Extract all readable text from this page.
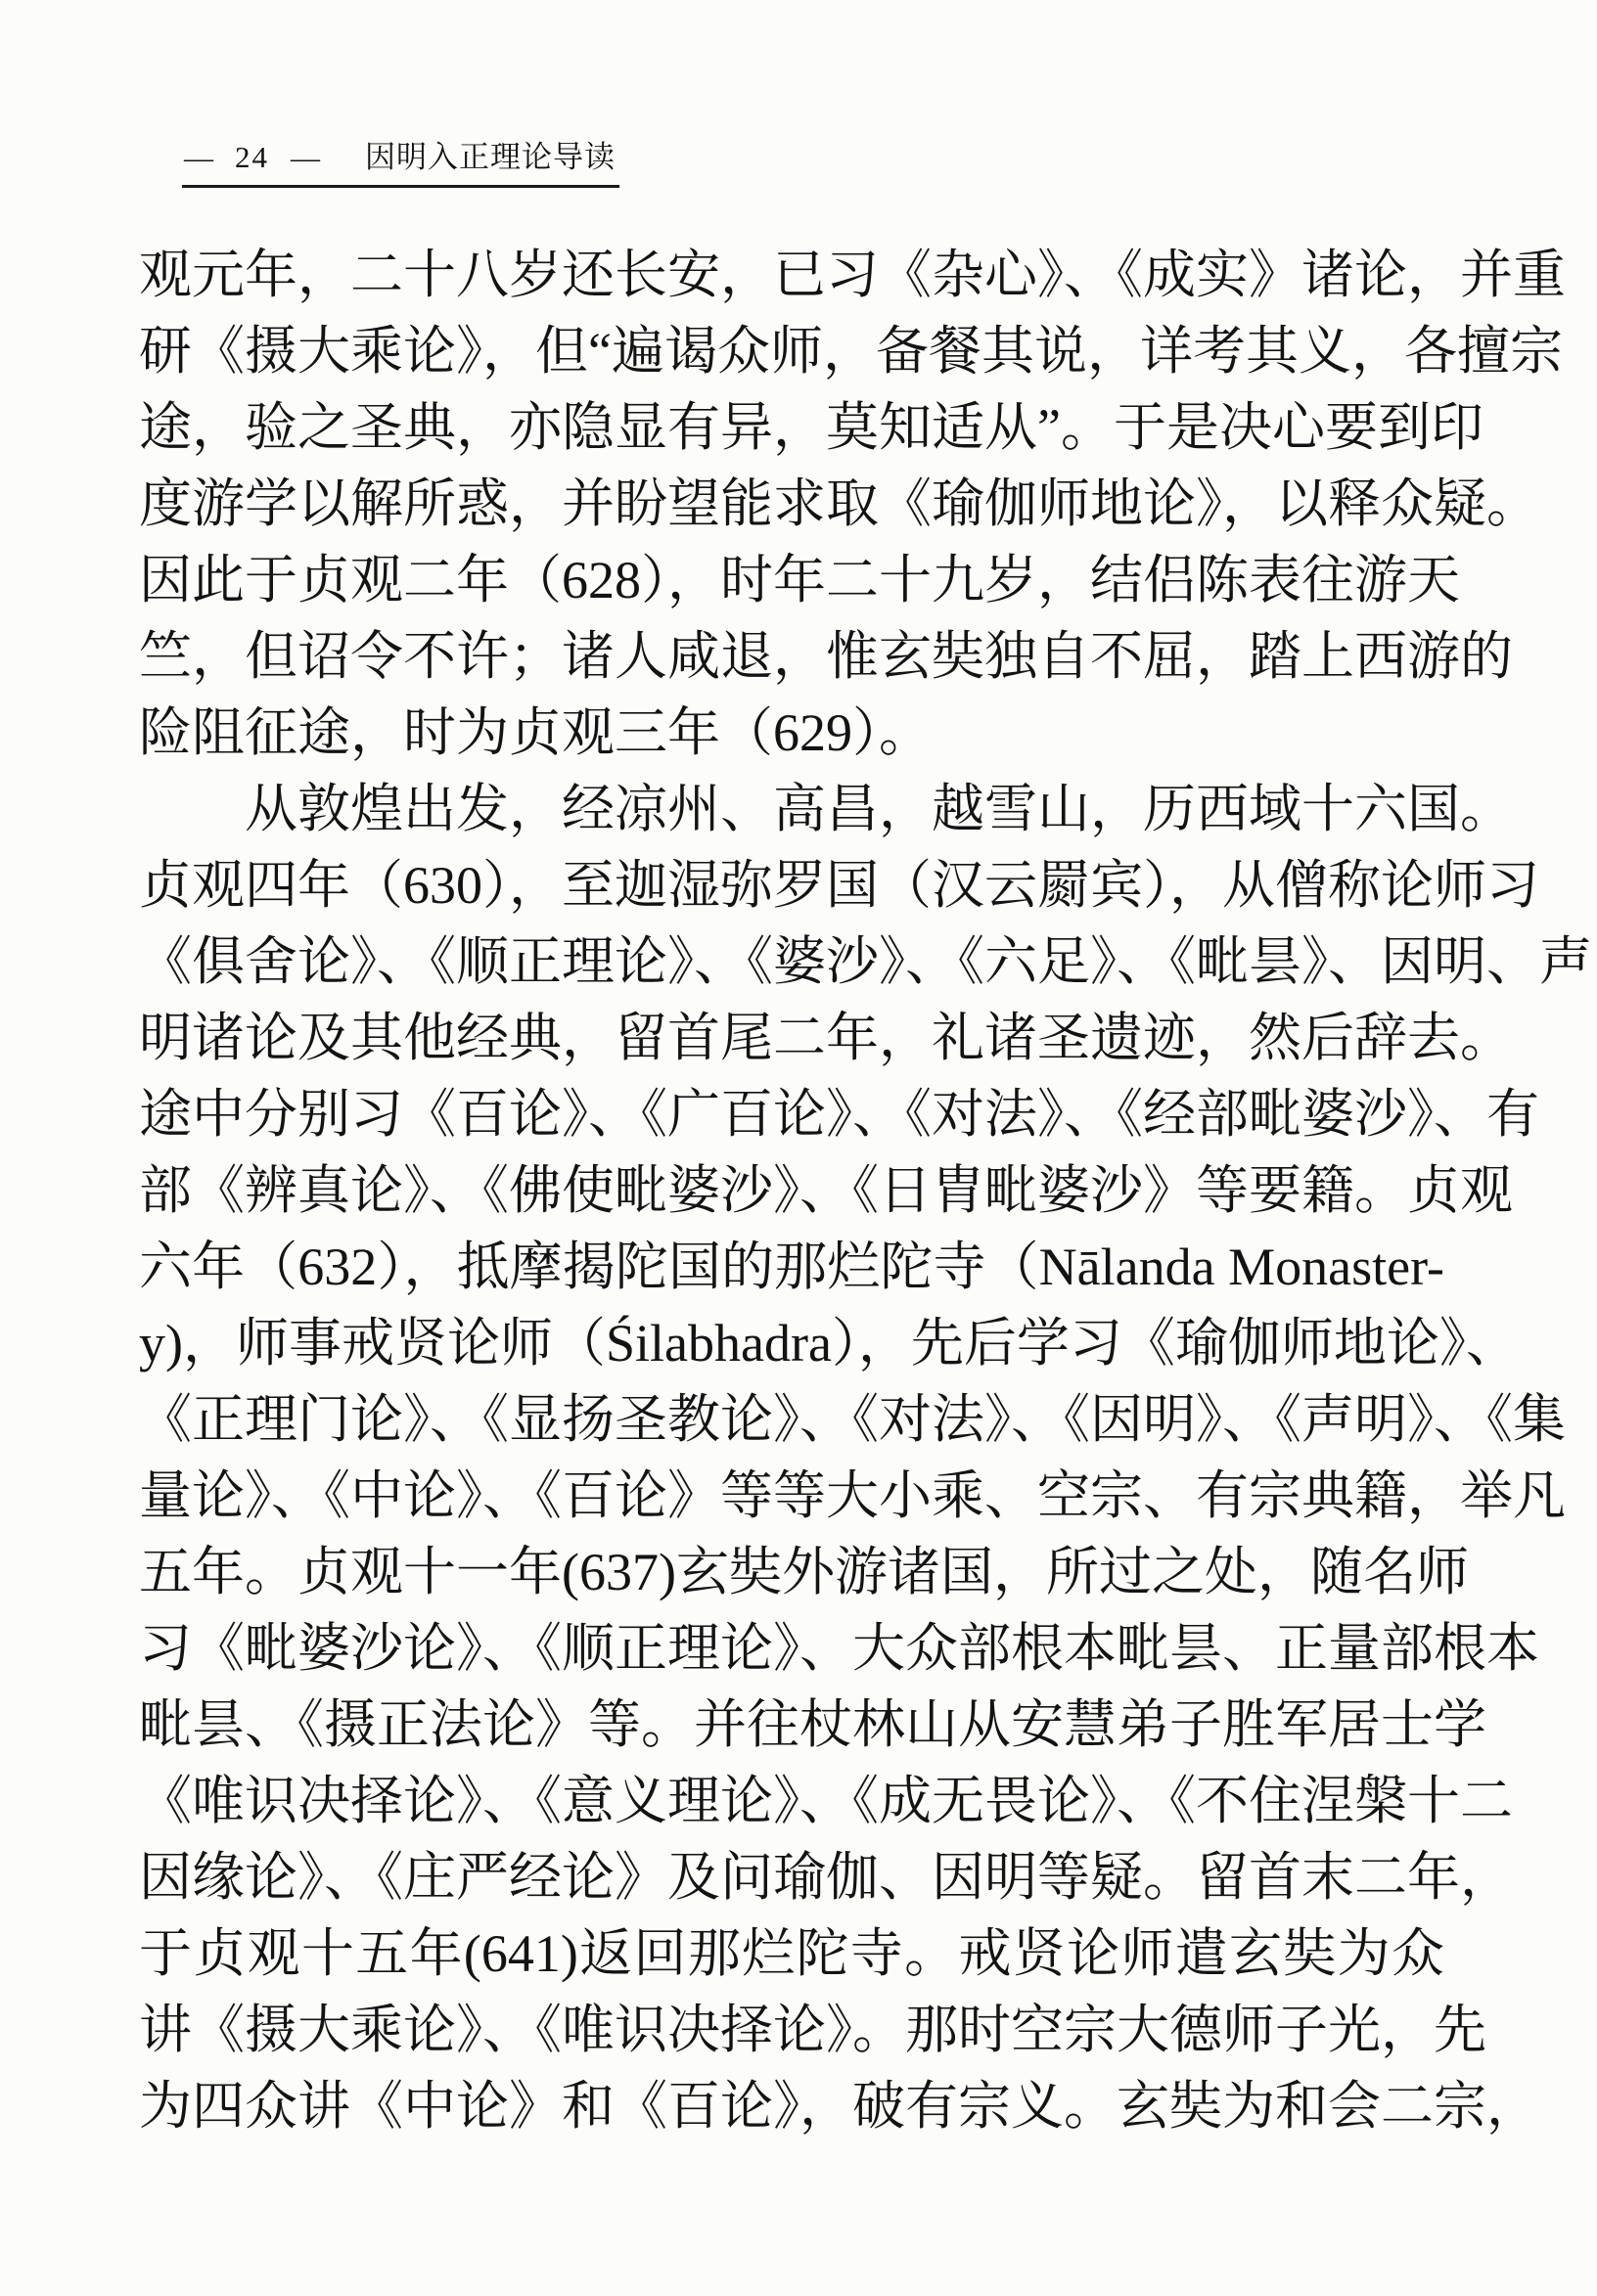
— 24 — 因明入正理论导读
观元年，二十八岁还长安，已习《杂心》、《成实》诸论，并重
研《摄大乘论》，但“遍谒众师，备餐其说，详考其义，各擅宗
途，验之圣典，亦隐显有异，莫知适从”。于是决心要到印
度游学以解所惑，并盼望能求取《瑜伽师地论》，以释众疑。
因此于贞观二年（628），时年二十九岁，结侣陈表往游天
竺，但诏令不许；诸人咸退，惟玄奘独自不屈，踏上西游的
险阻征途，时为贞观三年（629）。
从敦煌出发，经凉州、高昌，越雪山，历西域十六国。
贞观四年（630），至迦湿弥罗国（汉云罽宾），从僧称论师习
《俱舍论》、《顺正理论》、《婆沙》、《六足》、《毗昙》、因明、声
明诸论及其他经典，留首尾二年，礼诸圣遗迹，然后辞去。
途中分别习《百论》、《广百论》、《对法》、《经部毗婆沙》、有
部《辨真论》、《佛使毗婆沙》、《日胄毗婆沙》等要籍。贞观
六年（632），抵摩揭陀国的那烂陀寺（Nālanda Monaster-
y)，师事戒贤论师（Śilabhadra），先后学习《瑜伽师地论》、
《正理门论》、《显扬圣教论》、《对法》、《因明》、《声明》、《集
量论》、《中论》、《百论》等等大小乘、空宗、有宗典籍，举凡
五年。贞观十一年(637)玄奘外游诸国，所过之处，随名师
习《毗婆沙论》、《顺正理论》、大众部根本毗昙、正量部根本
毗昙、《摄正法论》等。并往杖林山从安慧弟子胜军居士学
《唯识决择论》、《意义理论》、《成无畏论》、《不住涅槃十二
因缘论》、《庄严经论》及问瑜伽、因明等疑。留首末二年，
于贞观十五年(641)返回那烂陀寺。戒贤论师遣玄奘为众
讲《摄大乘论》、《唯识决择论》。那时空宗大德师子光，先
为四众讲《中论》和《百论》，破有宗义。玄奘为和会二宗，
